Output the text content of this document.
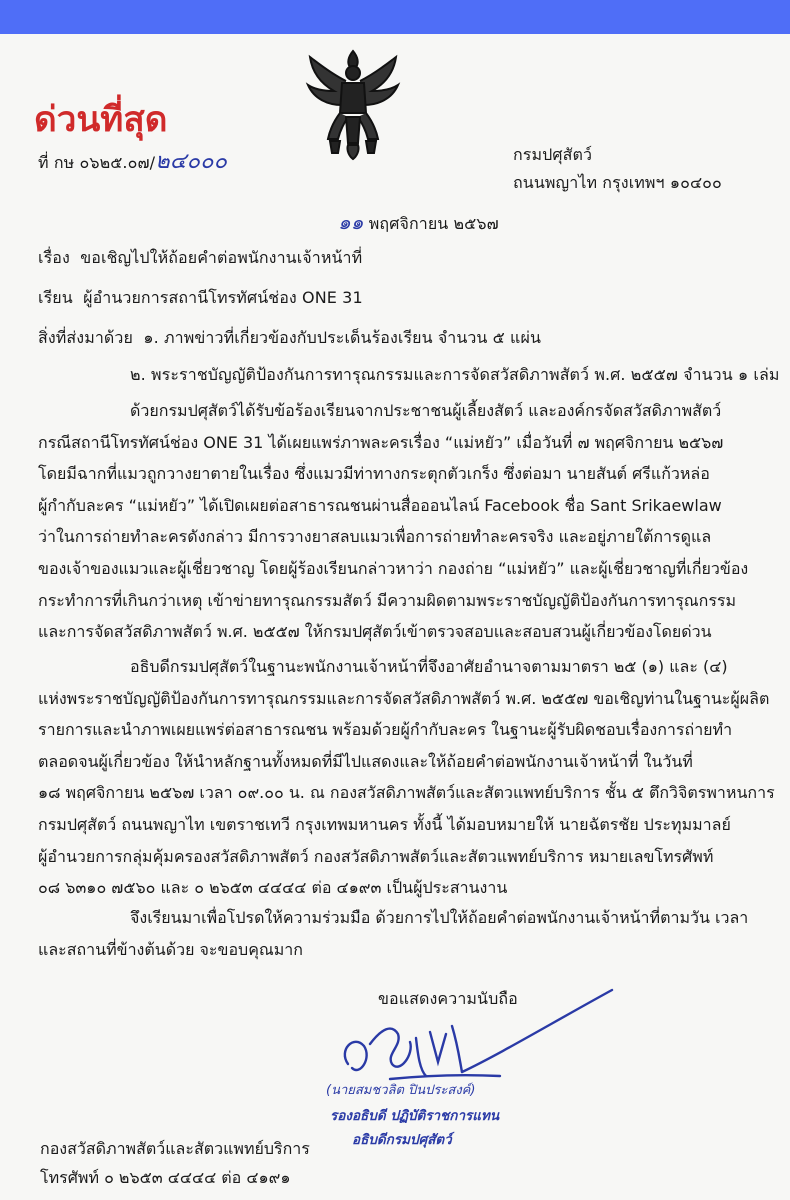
ด่วนที่สุด
ที่ กษ ๐๖๒๕.๐๗/๒๔๐๐๐	กรมปศุสัตว์
ถนนพญาไท กรุงเทพฯ ๑๐๔๐๐
๑๑ พฤศจิกายน ๒๕๖๗
เรื่อง ขอเชิญไปให้ถ้อยคำต่อพนักงานเจ้าหน้าที่
เรียน ผู้อำนวยการสถานีโทรทัศน์ช่อง ONE 31
สิ่งที่ส่งมาด้วย ๑. ภาพข่าวที่เกี่ยวข้องกับประเด็นร้องเรียน จำนวน ๕ แผ่น
๒. พระราชบัญญัติป้องกันการทารุณกรรมและการจัดสวัสดิภาพสัตว์ พ.ศ. ๒๕๕๗ จำนวน ๑ เล่ม
ด้วยกรมปศุสัตว์ได้รับข้อร้องเรียนจากประชาชนผู้เลี้ยงสัตว์ และองค์กรจัดสวัสดิภาพสัตว์
กรณีสถานีโทรทัศน์ช่อง ONE 31 ได้เผยแพร่ภาพละครเรื่อง “แม่หยัว” เมื่อวันที่ ๗ พฤศจิกายน ๒๕๖๗
โดยมีฉากที่แมวถูกวางยาตายในเรื่อง ซึ่งแมวมีท่าทางกระตุกตัวเกร็ง ซึ่งต่อมา นายสันต์ ศรีแก้วหล่อ
ผู้กำกับละคร “แม่หยัว” ได้เปิดเผยต่อสาธารณชนผ่านสื่อออนไลน์ Facebook ชื่อ Sant Srikaewlaw
ว่าในการถ่ายทำละครดังกล่าว มีการวางยาสลบแมวเพื่อการถ่ายทำละครจริง และอยู่ภายใต้การดูแล
ของเจ้าของแมวและผู้เชี่ยวชาญ โดยผู้ร้องเรียนกล่าวหาว่า กองถ่าย “แม่หยัว” และผู้เชี่ยวชาญที่เกี่ยวข้อง
กระทำการที่เกินกว่าเหตุ เข้าข่ายทารุณกรรมสัตว์ มีความผิดตามพระราชบัญญัติป้องกันการทารุณกรรม
และการจัดสวัสดิภาพสัตว์ พ.ศ. ๒๕๕๗ ให้กรมปศุสัตว์เข้าตรวจสอบและสอบสวนผู้เกี่ยวข้องโดยด่วน
อธิบดีกรมปศุสัตว์ในฐานะพนักงานเจ้าหน้าที่จึงอาศัยอำนาจตามมาตรา ๒๕ (๑) และ (๔)
แห่งพระราชบัญญัติป้องกันการทารุณกรรมและการจัดสวัสดิภาพสัตว์ พ.ศ. ๒๕๕๗ ขอเชิญท่านในฐานะผู้ผลิต
รายการและนำภาพเผยแพร่ต่อสาธารณชน พร้อมด้วยผู้กำกับละคร ในฐานะผู้รับผิดชอบเรื่องการถ่ายทำ
ตลอดจนผู้เกี่ยวข้อง ให้นำหลักฐานทั้งหมดที่มีไปแสดงและให้ถ้อยคำต่อพนักงานเจ้าหน้าที่ ในวันที่
๑๘ พฤศจิกายน ๒๕๖๗ เวลา ๐๙.๐๐ น. ณ กองสวัสดิภาพสัตว์และสัตวแพทย์บริการ ชั้น ๕ ตึกวิจิตรพาหนการ
กรมปศุสัตว์ ถนนพญาไท เขตราชเทวี กรุงเทพมหานคร ทั้งนี้ ได้มอบหมายให้ นายฉัตรชัย ประทุมมาลย์
ผู้อำนวยการกลุ่มคุ้มครองสวัสดิภาพสัตว์ กองสวัสดิภาพสัตว์และสัตวแพทย์บริการ หมายเลขโทรศัพท์
๐๘ ๖๓๑๐ ๗๕๖๐ และ ๐ ๒๖๕๓ ๔๔๔๔ ต่อ ๔๑๙๓ เป็นผู้ประสานงาน
จึงเรียนมาเพื่อโปรดให้ความร่วมมือ ด้วยการไปให้ถ้อยคำต่อพนักงานเจ้าหน้าที่ตามวัน เวลา
และสถานที่ข้างต้นด้วย จะขอบคุณมาก
ขอแสดงความนับถือ
(นายสมชวลิต ปินประสงค์)
รองอธิบดี ปฏิบัติราชการแทน
อธิบดีกรมปศุสัตว์
กองสวัสดิภาพสัตว์และสัตวแพทย์บริการ
โทรศัพท์ ๐ ๒๖๕๓ ๔๔๔๔ ต่อ ๔๑๙๑
